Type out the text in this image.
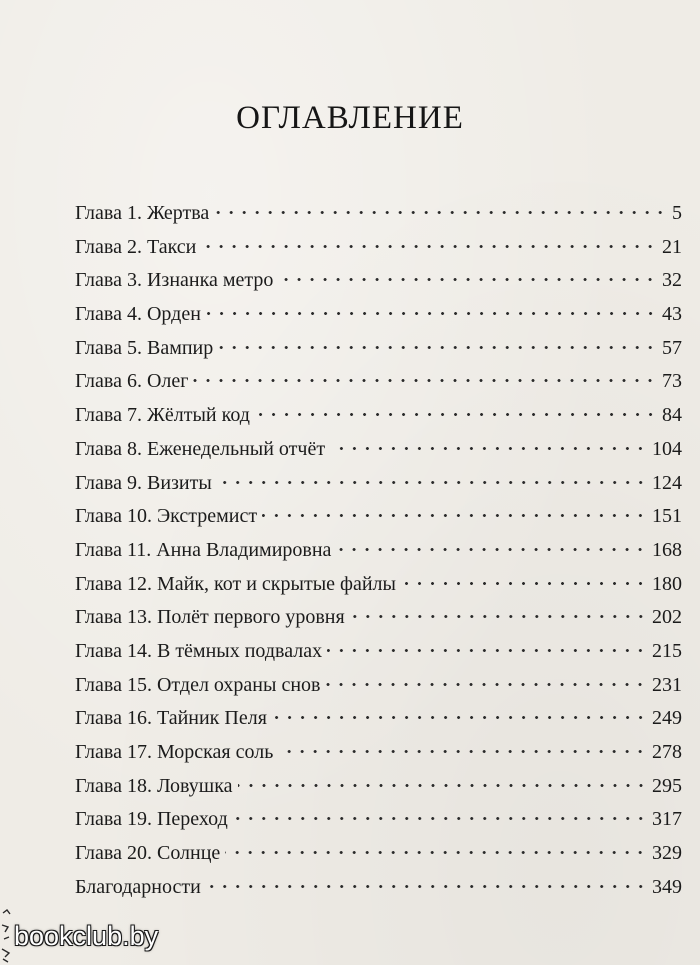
ОГЛАВЛЕНИЕ
Глава 1. Жертва	5
Глава 2. Такси	21
Глава 3. Изнанка метро	32
Глава 4. Орден	43
Глава 5. Вампир	57
Глава 6. Олег	73
Глава 7. Жёлтый код	84
Глава 8. Еженедельный отчёт	104
Глава 9. Визиты	124
Глава 10. Экстремист	151
Глава 11. Анна Владимировна	168
Глава 12. Майк, кот и скрытые файлы	180
Глава 13. Полёт первого уровня	202
Глава 14. В тёмных подвалах	215
Глава 15. Отдел охраны снов	231
Глава 16. Тайник Пеля	249
Глава 17. Морская соль	278
Глава 18. Ловушка	295
Глава 19. Переход	317
Глава 20. Солнце	329
Благодарности	349
bookclub.by
